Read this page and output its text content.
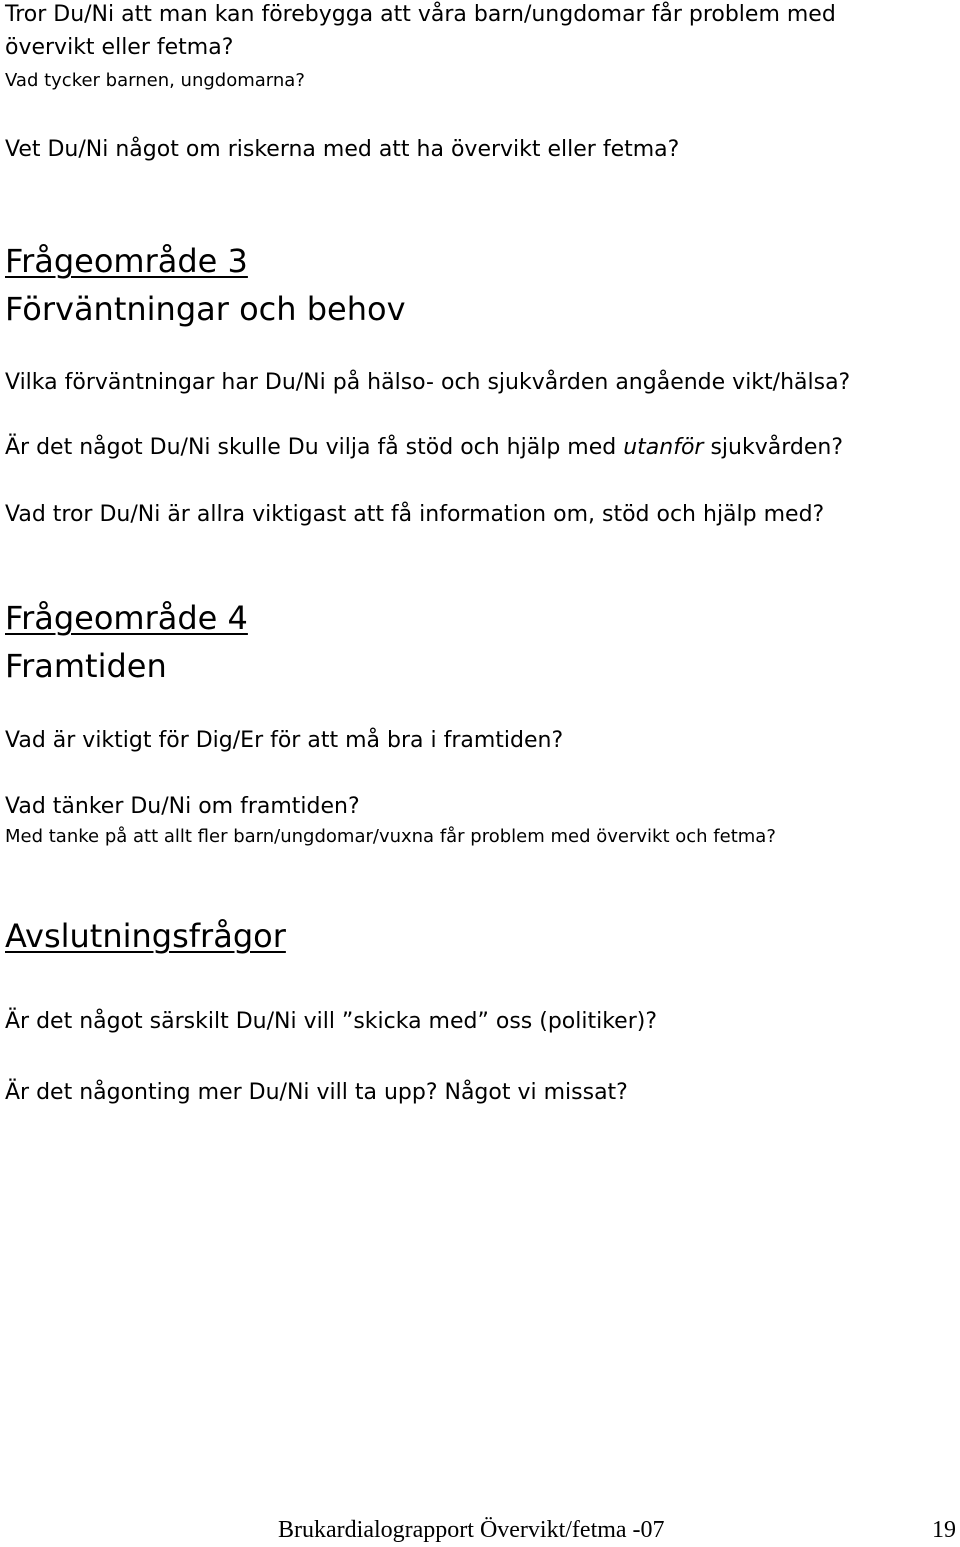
Tror Du/Ni att man kan förebygga att våra barn/ungdomar får problem med

övervikt eller fetma?

Vad tycker barnen, ungdomarna?

Vet Du/Ni något om riskerna med att ha övervikt eller fetma?

Frågeområde 3

Förväntningar och behov

Vilka förväntningar har Du/Ni på hälso- och sjukvården angående vikt/hälsa?

Är det något Du/Ni skulle Du vilja få stöd och hjälp med utanför sjukvården?

Vad tror Du/Ni är allra viktigast att få information om, stöd och hjälp med?

Frågeområde 4

Framtiden

Vad är viktigt för Dig/Er för att må bra i framtiden?

Vad tänker Du/Ni om framtiden?

Med tanke på att allt fler barn/ungdomar/vuxna får problem med övervikt och fetma?

Avslutningsfrågor

Är det något särskilt Du/Ni vill ”skicka med” oss (politiker)?

Är det någonting mer Du/Ni vill ta upp? Något vi missat?

Brukardialograpport Övervikt/fetma -07	19
